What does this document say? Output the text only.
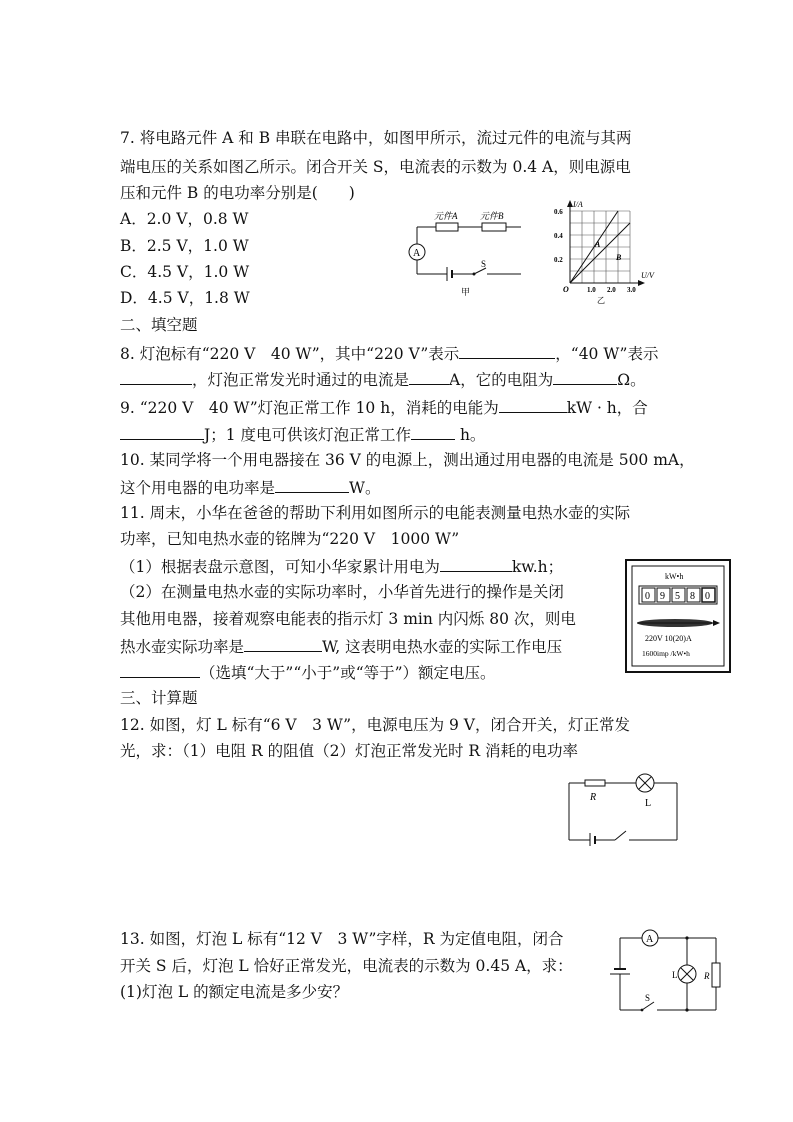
7. 将电路元件 A 和 B 串联在电路中，如图甲所示，流过元件的电流与其两
端电压的关系如图乙所示。闭合开关 S，电流表的示数为 0.4 A，则电源电
压和元件 B 的电功率分别是(　　)
A．2.0 V，0.8 W
B．2.5 V，1.0 W
C．4.5 V，1.0 W
D．4.5 V，1.8 W
元件A	元件B
A
S
甲
I/A
U/V
0.6
0.4
0.2
O	1.0 2.0 3.0
A
B
乙
二、填空题
8. 灯泡标有“220 V　40 W”，其中“220 V”表示	，“40 W”表示
，灯泡正常发光时通过的电流是	A，它的电阻为	Ω。
9. “220 V　40 W”灯泡正常工作 10 h，消耗的电能为	kW · h，合
J；1 度电可供该灯泡正常工作	h。
10. 某同学将一个用电器接在 36 V 的电源上，测出通过用电器的电流是 500 mA，
这个用电器的电功率是	W。
11. 周末，小华在爸爸的帮助下利用如图所示的电能表测量电热水壶的实际
功率，已知电热水壶的铭牌为“220 V　1000 W”
（1）根据表盘示意图，可知小华家累计用电为	kw.h；
（2）在测量电热水壶的实际功率时，小华首先进行的操作是关闭
其他用电器，接着观察电能表的指示灯 3 min 内闪烁 80 次，则电
热水壶实际功率是	W, 这表明电热水壶的实际工作电压
（选填“大于”“小于”或“等于”）额定电压。
kW•h
0 9 5 8 0
220V 10(20)A
1600imp /kW•h
三、计算题
12. 如图，灯 L 标有“6 V　3 W”，电源电压为 9 V，闭合开关，灯正常发
光，求：（1）电阻 R 的阻值（2）灯泡正常发光时 R 消耗的电功率
R
L
13. 如图，灯泡 L 标有“12 V　3 W”字样，R 为定值电阻，闭合
开关 S 后，灯泡 L 恰好正常发光，电流表的示数为 0.45 A，求：
(1)灯泡 L 的额定电流是多少安？
A
L	R
S
